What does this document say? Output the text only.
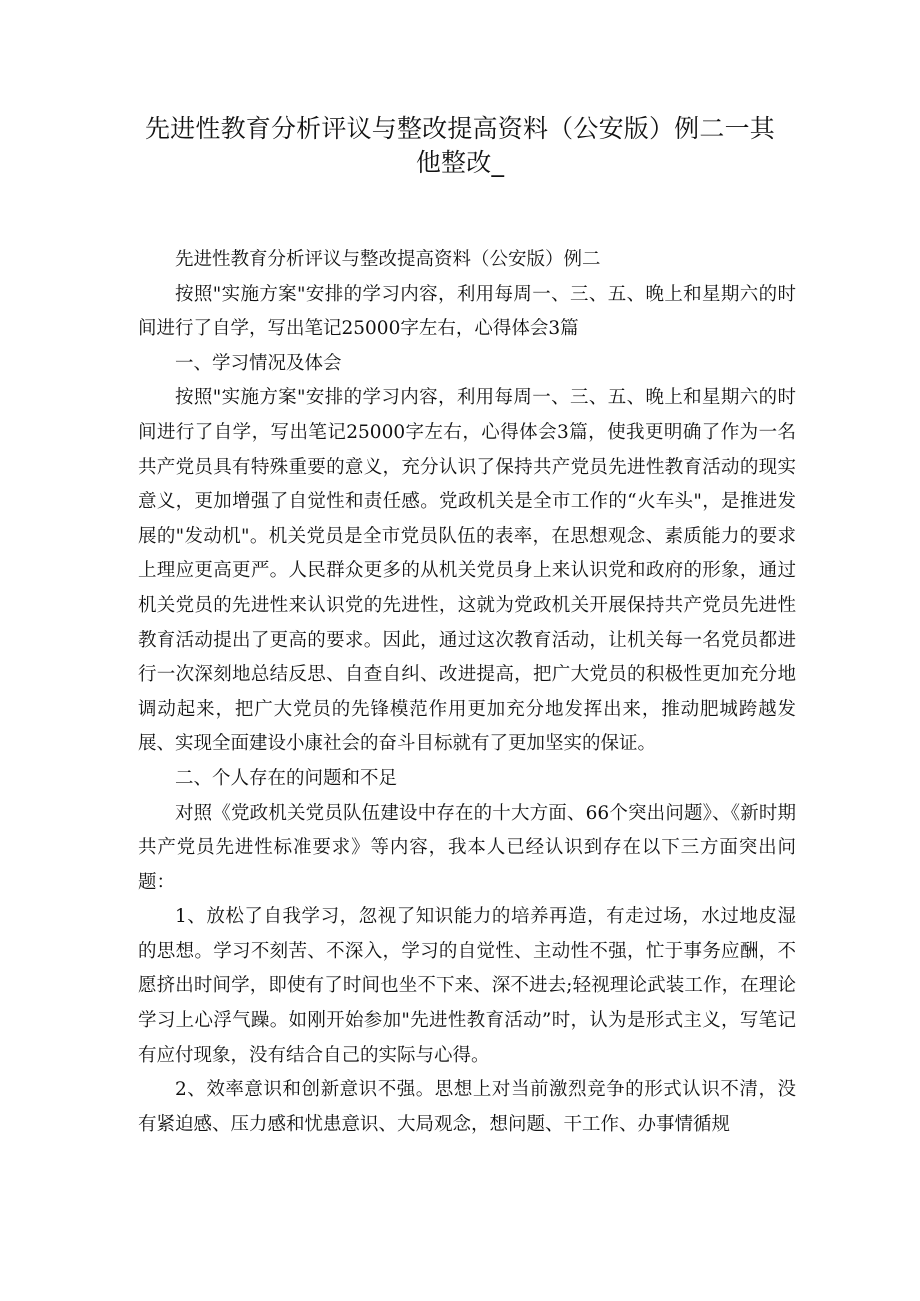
先进性教育分析评议与整改提高资料（公安版）例二一其
他整改_

先进性教育分析评议与整改提高资料（公安版）例二

按照"实施方案"安排的学习内容，利用每周一、三、五、晚上和星期六的时间进行了自学，写出笔记25000字左右，心得体会3篇

一、学习情况及体会

按照"实施方案"安排的学习内容，利用每周一、三、五、晚上和星期六的时间进行了自学，写出笔记25000字左右，心得体会3篇，使我更明确了作为一名共产党员具有特殊重要的意义，充分认识了保持共产党员先进性教育活动的现实意义，更加增强了自觉性和责任感。党政机关是全市工作的“火车头"，是推进发展的"发动机"。机关党员是全市党员队伍的表率，在思想观念、素质能力的要求上理应更高更严。人民群众更多的从机关党员身上来认识党和政府的形象，通过机关党员的先进性来认识党的先进性，这就为党政机关开展保持共产党员先进性教育活动提出了更高的要求。因此，通过这次教育活动，让机关每一名党员都进行一次深刻地总结反思、自查自纠、改进提高，把广大党员的积极性更加充分地调动起来，把广大党员的先锋模范作用更加充分地发挥出来，推动肥城跨越发展、实现全面建设小康社会的奋斗目标就有了更加坚实的保证。

二、个人存在的问题和不足

对照《党政机关党员队伍建设中存在的十大方面、66个突出问题》、《新时期共产党员先进性标准要求》等内容，我本人已经认识到存在以下三方面突出问题：

1、放松了自我学习，忽视了知识能力的培养再造，有走过场，水过地皮湿的思想。学习不刻苦、不深入，学习的自觉性、主动性不强，忙于事务应酬，不愿挤出时间学，即使有了时间也坐不下来、深不进去;轻视理论武装工作，在理论学习上心浮气躁。如刚开始参加"先进性教育活动”时，认为是形式主义，写笔记有应付现象，没有结合自己的实际与心得。

2、效率意识和创新意识不强。思想上对当前激烈竞争的形式认识不清，没有紧迫感、压力感和忧患意识、大局观念，想问题、干工作、办事情循规
